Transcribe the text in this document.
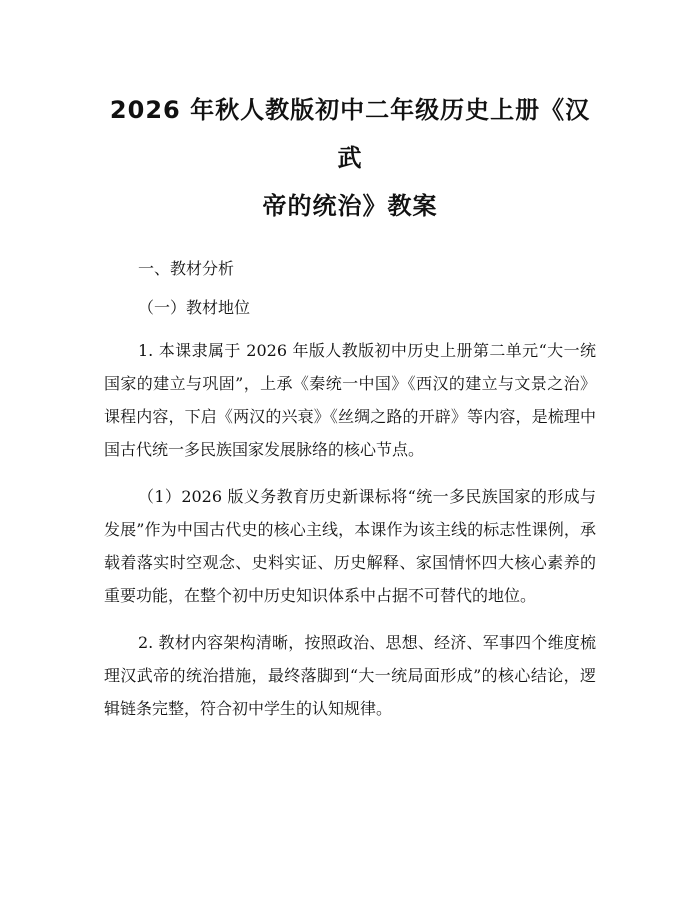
2026 年秋人教版初中二年级历史上册《汉武
帝的统治》教案

一、教材分析

（一）教材地位

1. 本课隶属于 2026 年版人教版初中历史上册第二单元“大一统国家的建立与巩固”，上承《秦统一中国》《西汉的建立与文景之治》课程内容，下启《两汉的兴衰》《丝绸之路的开辟》等内容，是梳理中国古代统一多民族国家发展脉络的核心节点。

（1）2026 版义务教育历史新课标将“统一多民族国家的形成与发展”作为中国古代史的核心主线，本课作为该主线的标志性课例，承载着落实时空观念、史料实证、历史解释、家国情怀四大核心素养的重要功能，在整个初中历史知识体系中占据不可替代的地位。

2. 教材内容架构清晰，按照政治、思想、经济、军事四个维度梳理汉武帝的统治措施，最终落脚到“大一统局面形成”的核心结论，逻辑链条完整，符合初中学生的认知规律。
